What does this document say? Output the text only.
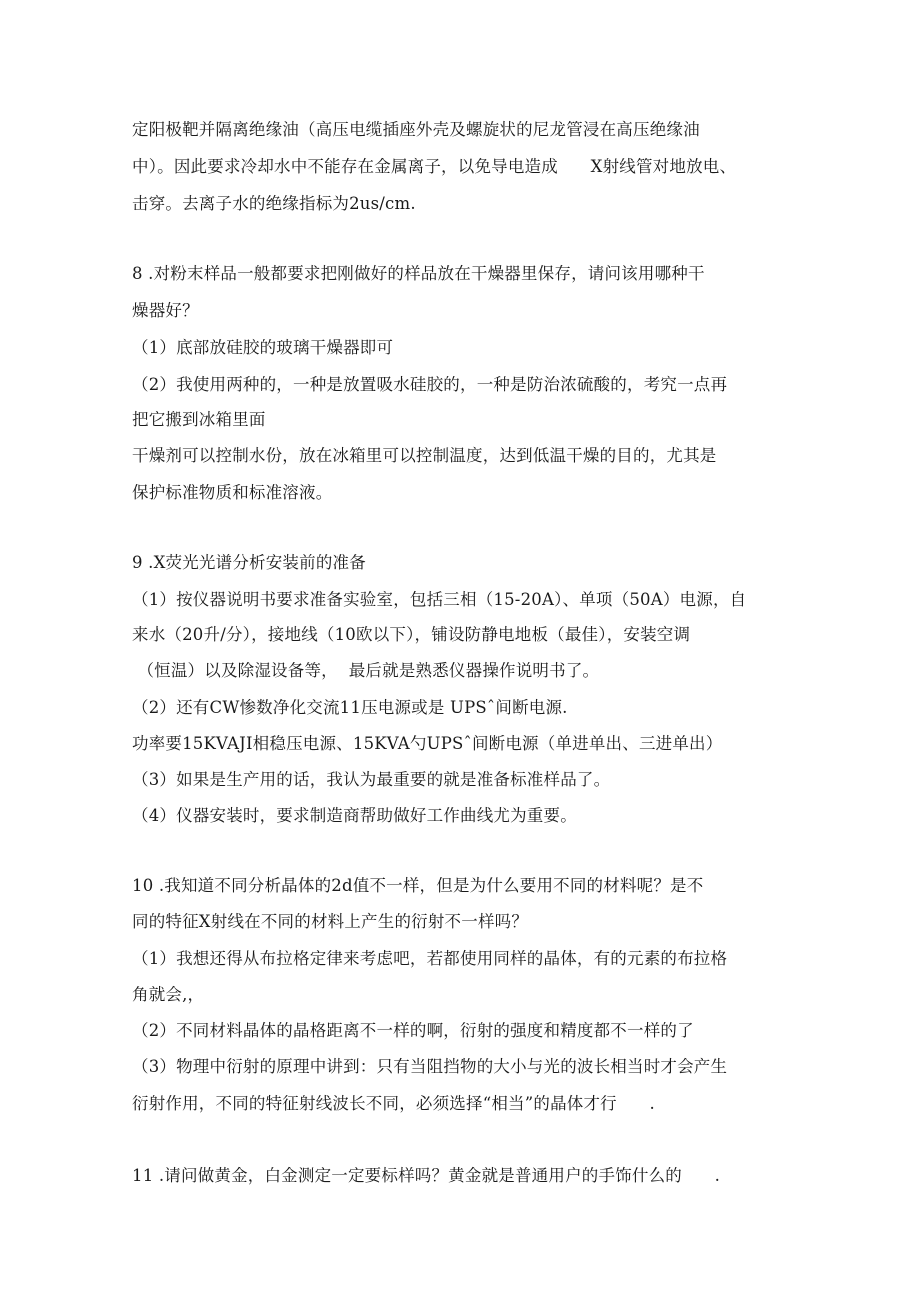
定阳极靶并隔离绝缘油（高压电缆插座外壳及螺旋状的尼龙管浸在高压绝缘油
中）。因此要求冷却水中不能存在金属离子，以免导电造成      X射线管对地放电、
击穿。去离子水的绝缘指标为2us/cm.
8 .对粉末样品一般都要求把刚做好的样品放在干燥器里保存，请问该用哪种干
燥器好？
（1）底部放硅胶的玻璃干燥器即可
（2）我使用两种的，一种是放置吸水硅胶的，一种是防治浓硫酸的，考究一点再
把它搬到冰箱里面
干燥剂可以控制水份，放在冰箱里可以控制温度，达到低温干燥的目的，尤其是
保护标准物质和标准溶液。
9 .X荧光光谱分析安装前的准备
（1）按仪器说明书要求准备实验室，包括三相（15-20A）、单项（50A）电源，自
来水（20升/分），接地线（10欧以下），铺设防静电地板（最佳），安装空调
（恒温）以及除湿设备等，  最后就是熟悉仪器操作说明书了。
（2）还有CW惨数净化交流11压电源或是 UPSˆ间断电源.
功率要15KVAJI相稳压电源、15KVA勺UPSˆ间断电源（单进单出、三进单出）
（3）如果是生产用的话，我认为最重要的就是准备标准样品了。
（4）仪器安装时，要求制造商帮助做好工作曲线尤为重要。
10 .我知道不同分析晶体的2d值不一样，但是为什么要用不同的材料呢？是不
同的特征X射线在不同的材料上产生的衍射不一样吗？
（1）我想还得从布拉格定律来考虑吧，若都使用同样的晶体，有的元素的布拉格
角就会,，
（2）不同材料晶体的晶格距离不一样的啊，衍射的强度和精度都不一样的了
（3）物理中衍射的原理中讲到：只有当阻挡物的大小与光的波长相当时才会产生
衍射作用，不同的特征射线波长不同，必须选择“相当”的晶体才行      .
11 .请问做黄金，白金测定一定要标样吗？黄金就是普通用户的手饰什么的      .
